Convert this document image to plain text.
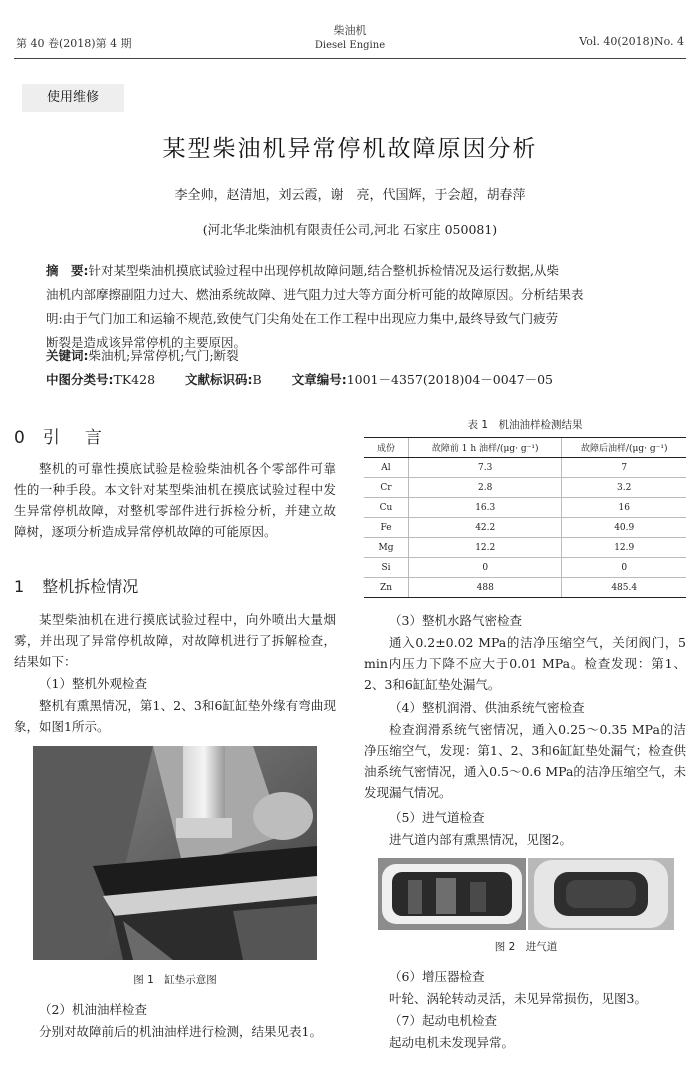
第 40 卷(2018)第 4 期
柴油机
Diesel Engine	Vol. 40(2018)No. 4
使用维修
某型柴油机异常停机故障原因分析
李全帅，赵清旭，刘云霞，谢　亮，代国辉，于会超，胡春萍
(河北华北柴油机有限责任公司,河北 石家庄 050081)
摘　要:针对某型柴油机摸底试验过程中出现停机故障问题,结合整机拆检情况及运行数据,从柴
油机内部摩擦副阻力过大、燃油系统故障、进气阻力过大等方面分析可能的故障原因。分析结果表
明:由于气门加工和运输不规范,致使气门尖角处在工作工程中出现应力集中,最终导致气门疲劳
断裂是造成该异常停机的主要原因。
关键词:柴油机;异常停机;气门;断裂
中图分类号:TK428 文献标识码:B 文章编号:1001－4357(2018)04－0047－05
0 引　言

整机的可靠性摸底试验是检验柴油机各个零部件可靠性的一种手段。本文针对某型柴油机在摸底试验过程中发生异常停机故障，对整机零部件进行拆检分析，并建立故障树，逐项分析造成异常停机故障的可能原因。

1 整机拆检情况

某型柴油机在进行摸底试验过程中，向外喷出大量烟雾，并出现了异常停机故障，对故障机进行了拆解检查，结果如下：

（1）整机外观检查

整机有熏黑情况，第1、2、3和6缸缸垫外缘有弯曲现象，如图1所示。

图 1　缸垫示意图

（2）机油油样检查

分别对故障前后的机油油样进行检测，结果见表1。

表 1　机油油样检测结果
成份	故障前 1 h 油样/(μg· g⁻¹)	故障后油样/(μg· g⁻¹)
Al	7.3	7
Cr	2.8	3.2
Cu	16.3	16
Fe	42.2	40.9
Mg	12.2	12.9
Si	0	0
Zn	488	485.4

（3）整机水路气密检查

通入0.2±0.02 MPa的洁净压缩空气，关闭阀门，5 min内压力下降不应大于0.01 MPa。检查发现：第1、2、3和6缸缸垫处漏气。

（4）整机润滑、供油系统气密检查

检查润滑系统气密情况，通入0.25～0.35 MPa的洁净压缩空气，发现：第1、2、3和6缸缸垫处漏气；检查供油系统气密情况，通入0.5～0.6 MPa的洁净压缩空气，未发现漏气情况。

（5）进气道检查

进气道内部有熏黑情况，见图2。

图 2　进气道

（6）增压器检查

叶轮、涡轮转动灵活，未见异常损伤，见图3。

（7）起动电机检查

起动电机未发现异常。
